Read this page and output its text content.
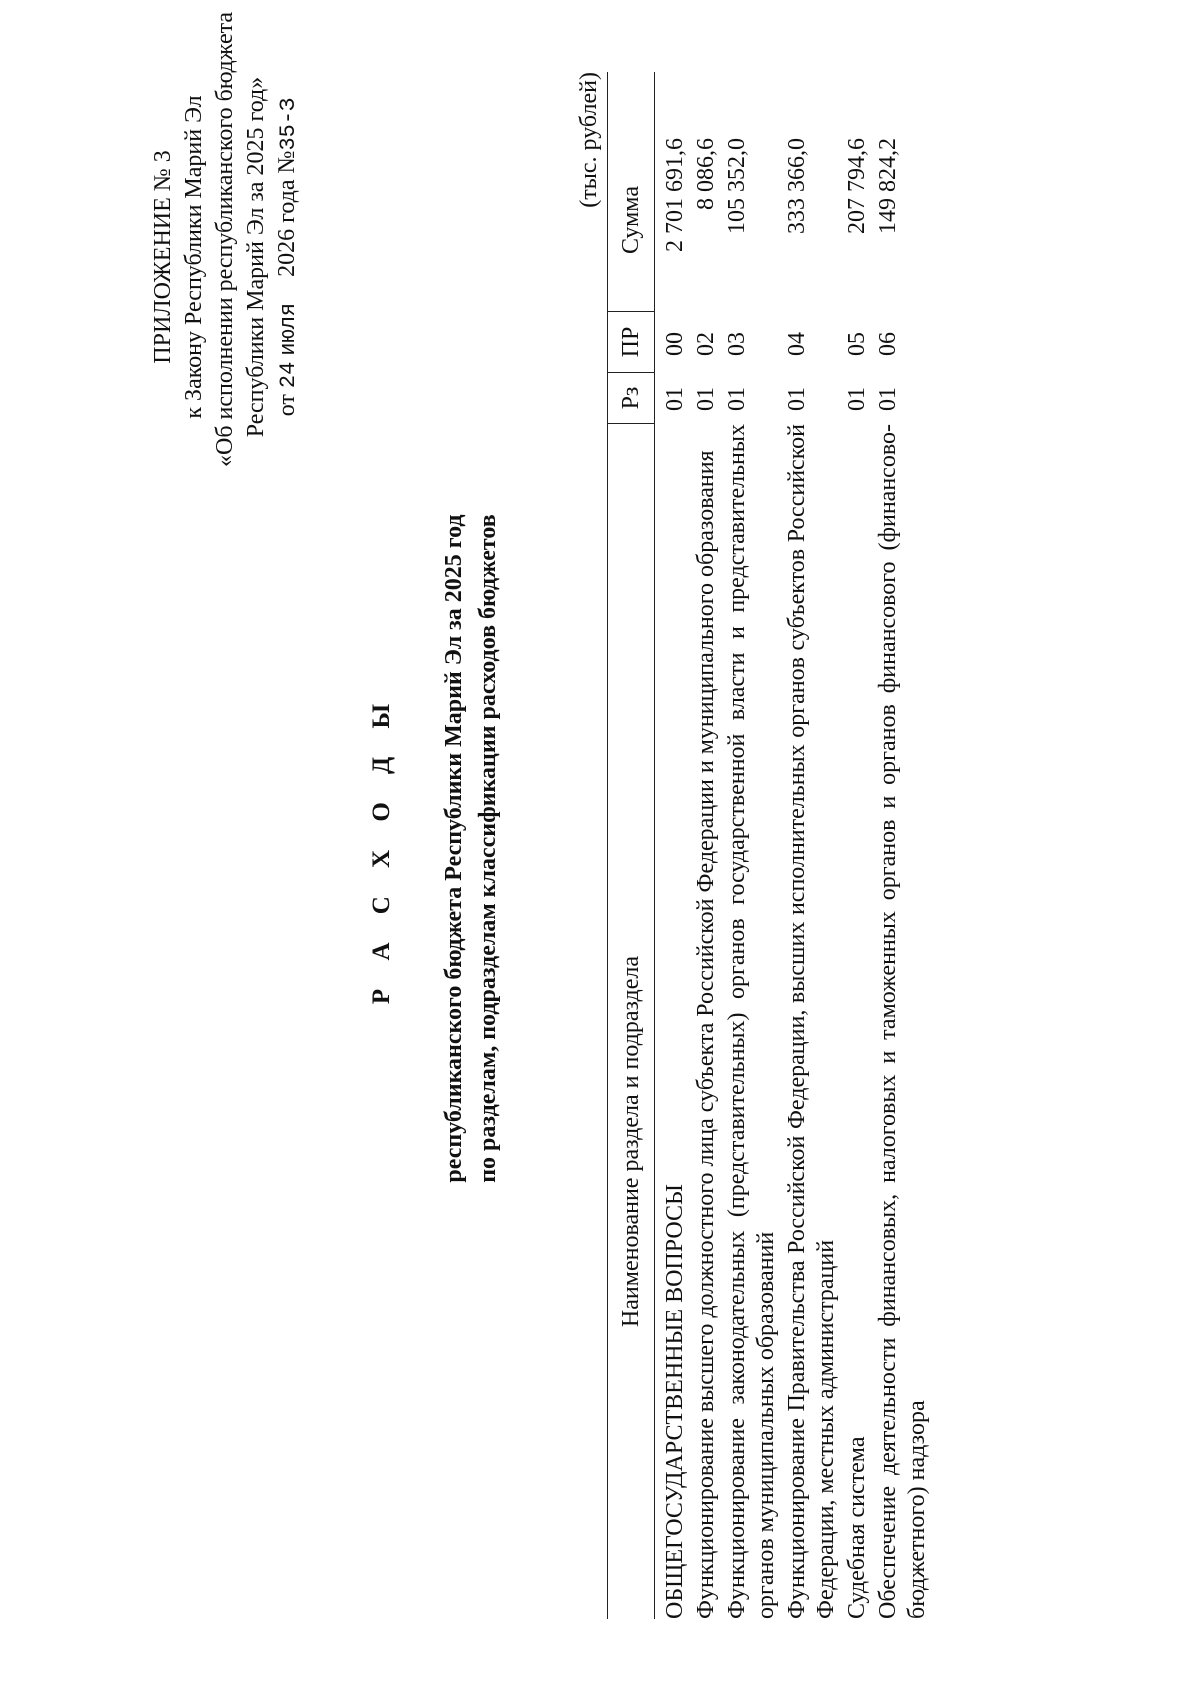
ПРИЛОЖЕНИЕ № 3 к Закону Республики Марий Эл «Об исполнении республиканского бюджета Республики Марий Эл за 2025 год» от 24 июля 2026 года №35-З
Р А С Х О Д Ы республиканского бюджета Республики Марий Эл за 2025 год по разделам, подразделам классификации расходов бюджетов
(тыс. рублей)
Наименование раздела и подраздела
Рз
ПР
Сумма
ОБЩЕГОСУДАРСТВЕННЫЕ ВОПРОСЫ
01
00
2 701 691,6
Функционирование высшего должностного лица субъекта Российской Федерации и муниципального образования
01
02
8 086,6
Функционирование законодательных (представительных) органов государственной власти и представительных органов муниципальных образований
01
03
105 352,0
Функционирование Правительства Российской Федерации, высших исполнительных органов субъектов Российской Федерации, местных администраций
01
04
333 366,0
Судебная система
01
05
207 794,6
Обеспечение деятельности финансовых, налоговых и таможенных органов и органов финансового (финансово-бюджетного) надзора
01
06
149 824,2
